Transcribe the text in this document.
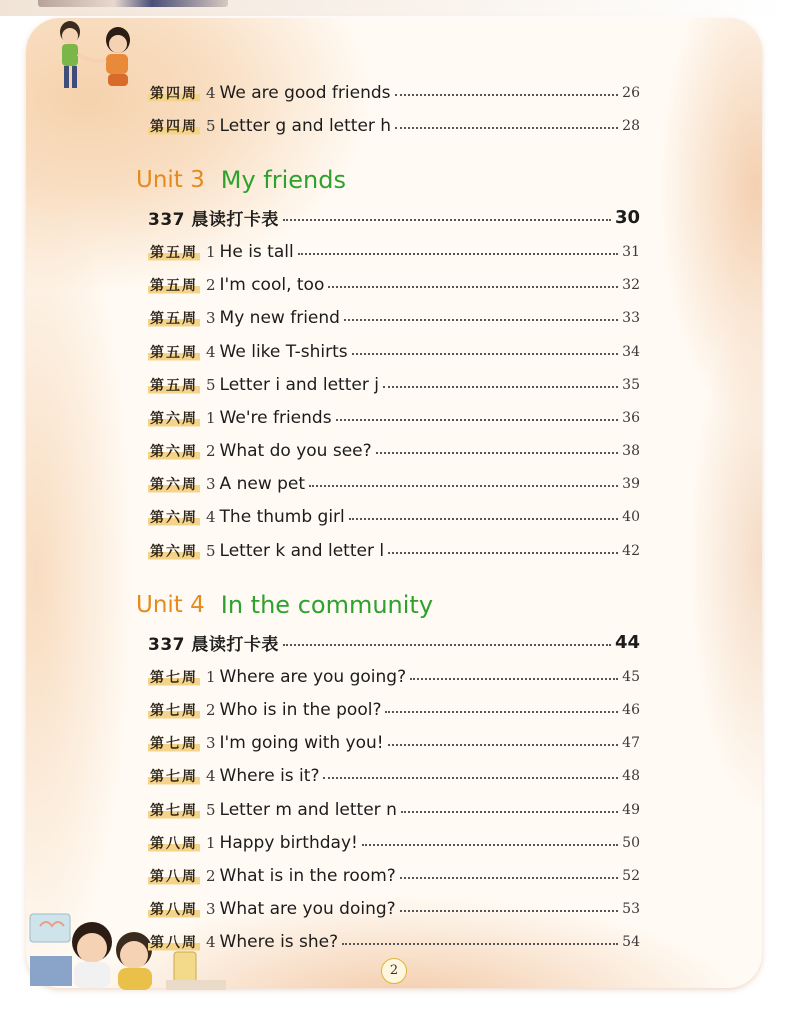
第四周 4 We are good friends	26
第四周 5 Letter g and letter h	28
Unit 3 My friends
337 晨读打卡表	30
第五周 1 He is tall	31
第五周 2 I'm cool, too	32
第五周 3 My new friend	33
第五周 4 We like T-shirts	34
第五周 5 Letter i and letter j	35
第六周 1 We're friends	36
第六周 2 What do you see?	38
第六周 3 A new pet	39
第六周 4 The thumb girl	40
第六周 5 Letter k and letter l	42
Unit 4 In the community
337 晨读打卡表	44
第七周 1 Where are you going?	45
第七周 2 Who is in the pool?	46
第七周 3 I'm going with you!	47
第七周 4 Where is it?	48
第七周 5 Letter m and letter n	49
第八周 1 Happy birthday!	50
第八周 2 What is in the room?	52
第八周 3 What are you doing?	53
第八周 4 Where is she?	54
2
